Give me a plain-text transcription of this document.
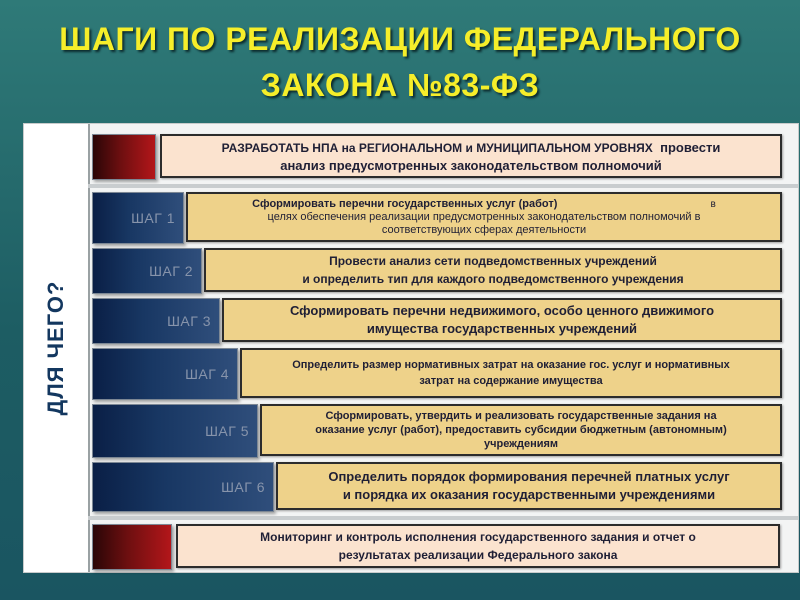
ШАГИ ПО РЕАЛИЗАЦИИ ФЕДЕРАЛЬНОГО
ЗАКОНА №83-ФЗ
ДЛЯ ЧЕГО?
РАЗРАБОТАТЬ НПА на РЕГИОНАЛЬНОМ и МУНИЦИПАЛЬНОМ УРОВНЯХ провести
анализ предусмотренных законодательством полномочий
ШАГ 1
Сформировать перечни государственных услуг (работ)	в
целях обеспечения реализации предусмотренных законодательством полномочий в
соответствующих сферах деятельности
ШАГ 2
Провести анализ сети подведомственных учреждений
и определить тип для каждого подведомственного учреждения
ШАГ 3
Сформировать перечни недвижимого, особо ценного движимого
имущества государственных учреждений
ШАГ 4
Определить размер нормативных затрат на оказание гос. услуг и нормативных
затрат на содержание имущества
ШАГ 5
Сформировать, утвердить и реализовать государственные задания на
оказание услуг (работ), предоставить субсидии бюджетным (автономным)
учреждениям
ШАГ 6
Определить порядок формирования перечней платных услуг
и порядка их оказания государственными учреждениями
Мониторинг и контроль исполнения государственного задания и отчет о
результатах реализации Федерального закона
